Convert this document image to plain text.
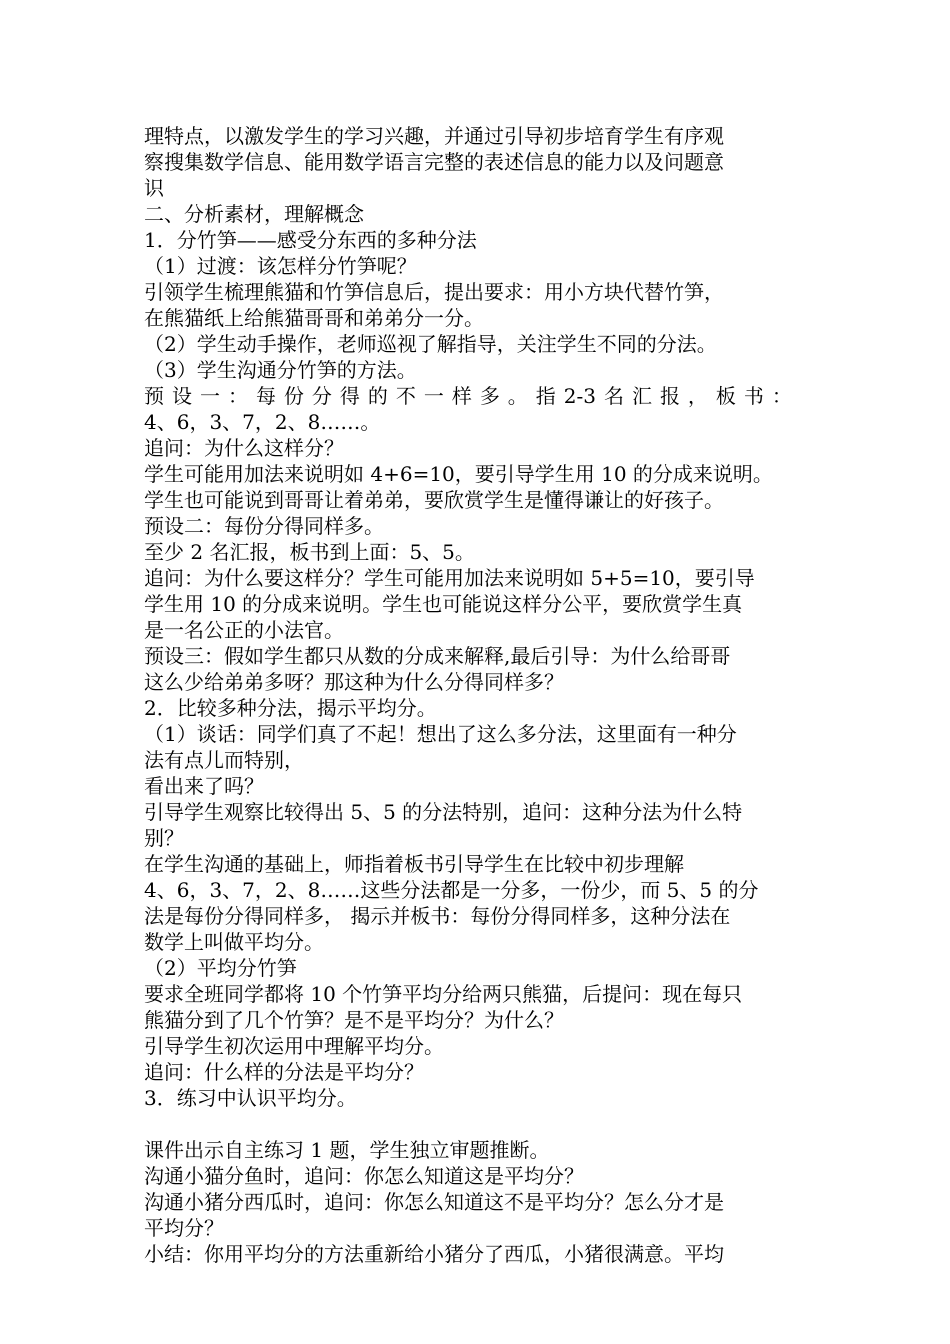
理特点，以激发学生的学习兴趣，并通过引导初步培育学生有序观
察搜集数学信息、能用数学语言完整的表述信息的能力以及问题意
识
二、分析素材，理解概念
1．分竹笋——感受分东西的多种分法
（1）过渡：该怎样分竹笋呢？
引领学生梳理熊猫和竹笋信息后，提出要求：用小方块代替竹笋，
在熊猫纸上给熊猫哥哥和弟弟分一分。
（2）学生动手操作，老师巡视了解指导，关注学生不同的分法。
（3）学生沟通分竹笋的方法。
预 设 一 ： 每 份 分 得 的 不 一 样 多 。 指 2-3 名 汇 报 ， 板 书 ：
4、6，3、7，2、8……。
追问：为什么这样分？
学生可能用加法来说明如 4+6=10，要引导学生用 10 的分成来说明。
学生也可能说到哥哥让着弟弟，要欣赏学生是懂得谦让的好孩子。
预设二：每份分得同样多。
至少 2 名汇报，板书到上面：5、5。
追问：为什么要这样分？学生可能用加法来说明如 5+5=10，要引导
学生用 10 的分成来说明。学生也可能说这样分公平，要欣赏学生真
是一名公正的小法官。
预设三：假如学生都只从数的分成来解释,最后引导：为什么给哥哥
这么少给弟弟多呀？那这种为什么分得同样多？
2．比较多种分法，揭示平均分。
（1）谈话：同学们真了不起！想出了这么多分法，这里面有一种分
法有点儿而特别，
看出来了吗？
引导学生观察比较得出 5、5 的分法特别，追问：这种分法为什么特
别？
在学生沟通的基础上，师指着板书引导学生在比较中初步理解
4、6，3、7，2、8……这些分法都是一分多，一份少，而 5、5 的分
法是每份分得同样多， 揭示并板书：每份分得同样多，这种分法在
数学上叫做平均分。
（2）平均分竹笋
要求全班同学都将 10 个竹笋平均分给两只熊猫，后提问：现在每只
熊猫分到了几个竹笋？是不是平均分？为什么？
引导学生初次运用中理解平均分。
追问：什么样的分法是平均分？
3．练习中认识平均分。
课件出示自主练习 1 题，学生独立审题推断。
沟通小猫分鱼时，追问：你怎么知道这是平均分？
沟通小猪分西瓜时，追问：你怎么知道这不是平均分？怎么分才是
平均分？
小结：你用平均分的方法重新给小猪分了西瓜，小猪很满意。平均
